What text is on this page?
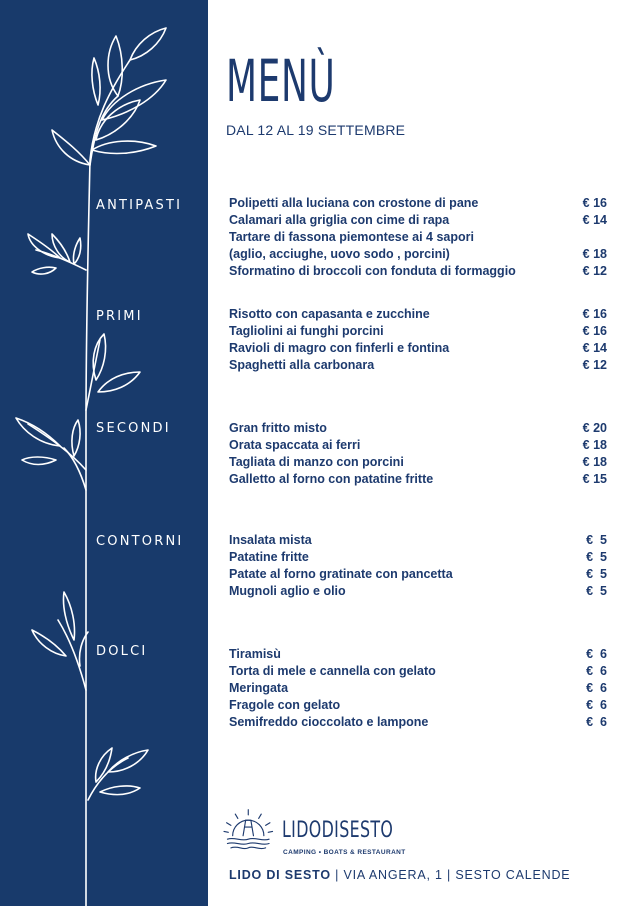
ANTIPASTI
PRIMI
SECONDI
CONTORNI
DOLCI
MENÙ
DAL 12 AL 19 SETTEMBRE
Polipetti alla luciana con crostone di pane	€ 16
Calamari alla griglia con cime di rapa	€ 14
Tartare di fassona piemontese ai 4 sapori
(aglio, acciughe, uovo sodo , porcini)	€ 18
Sformatino di broccoli con fonduta di formaggio	€ 12
Risotto con capasanta e zucchine	€ 16
Tagliolini ai funghi porcini	€ 16
Ravioli di magro con finferli e fontina	€ 14
Spaghetti alla carbonara	€ 12
Gran fritto misto	€ 20
Orata spaccata ai ferri	€ 18
Tagliata di manzo con porcini	€ 18
Galletto al forno con patatine fritte	€ 15
Insalata mista	€  5
Patatine fritte	€  5
Patate al forno gratinate con pancetta	€  5
Mugnoli aglio e olio	€  5
Tiramisù	€  6
Torta di mele e cannella con gelato	€  6
Meringata	€  6
Fragole con gelato	€  6
Semifreddo cioccolato e lampone	€  6
LIDODISESTO
CAMPING • BOATS & RESTAURANT
LIDO DI SESTO | VIA ANGERA, 1 | SESTO CALENDE
